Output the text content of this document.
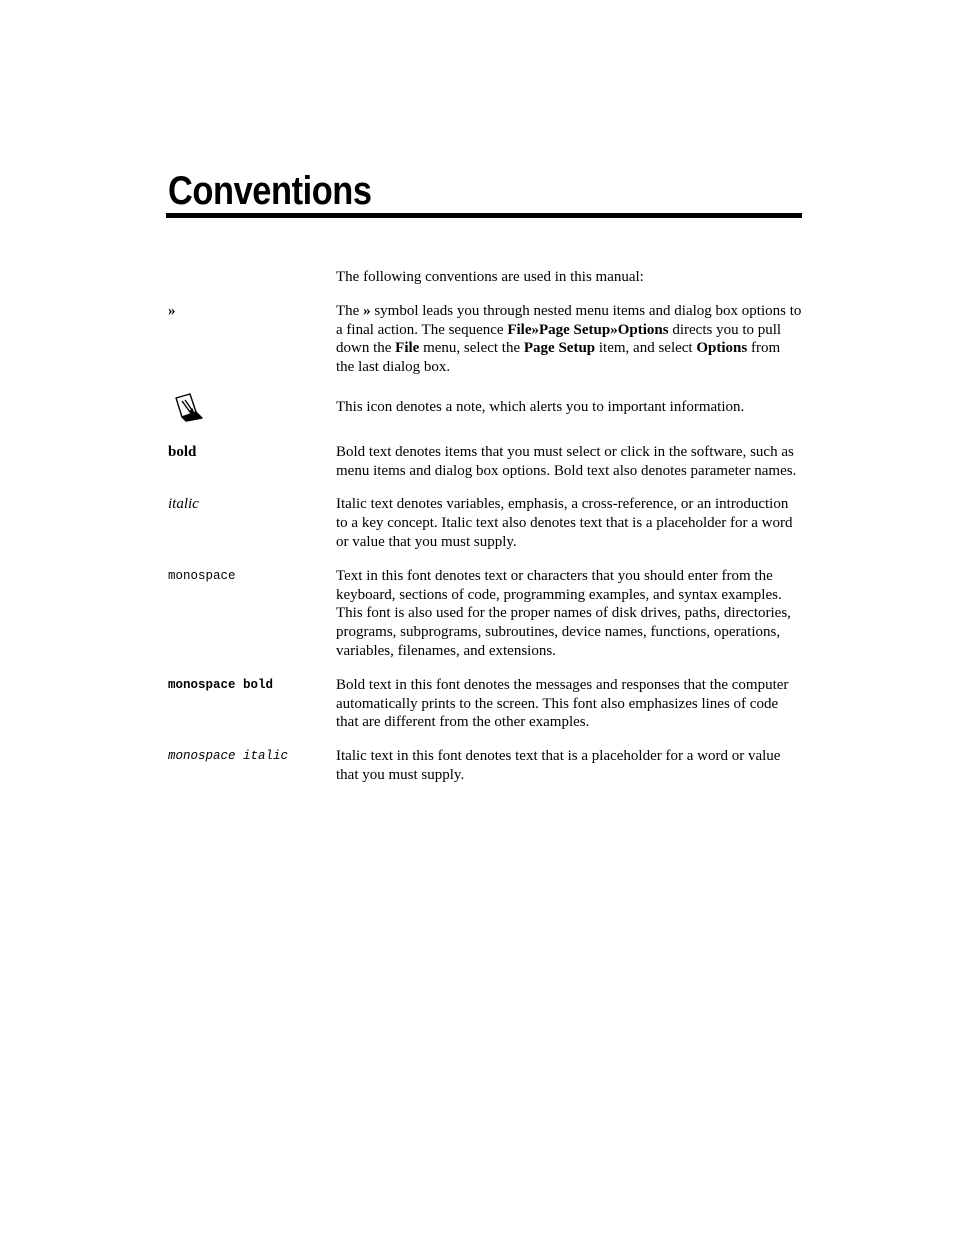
Conventions
The following conventions are used in this manual:
»	The » symbol leads you through nested menu items and dialog box options to a final action. The sequence File»Page Setup»Options directs you to pull down the File menu, select the Page Setup item, and select Options from the last dialog box.
This icon denotes a note, which alerts you to important information.
bold	Bold text denotes items that you must select or click in the software, such as menu items and dialog box options. Bold text also denotes parameter names.
italic	Italic text denotes variables, emphasis, a cross-reference, or an introduction to a key concept. Italic text also denotes text that is a placeholder for a word or value that you must supply.
monospace	Text in this font denotes text or characters that you should enter from the keyboard, sections of code, programming examples, and syntax examples. This font is also used for the proper names of disk drives, paths, directories, programs, subprograms, subroutines, device names, functions, operations, variables, filenames, and extensions.
monospace bold	Bold text in this font denotes the messages and responses that the computer automatically prints to the screen. This font also emphasizes lines of code that are different from the other examples.
monospace italic	Italic text in this font denotes text that is a placeholder for a word or value that you must supply.
